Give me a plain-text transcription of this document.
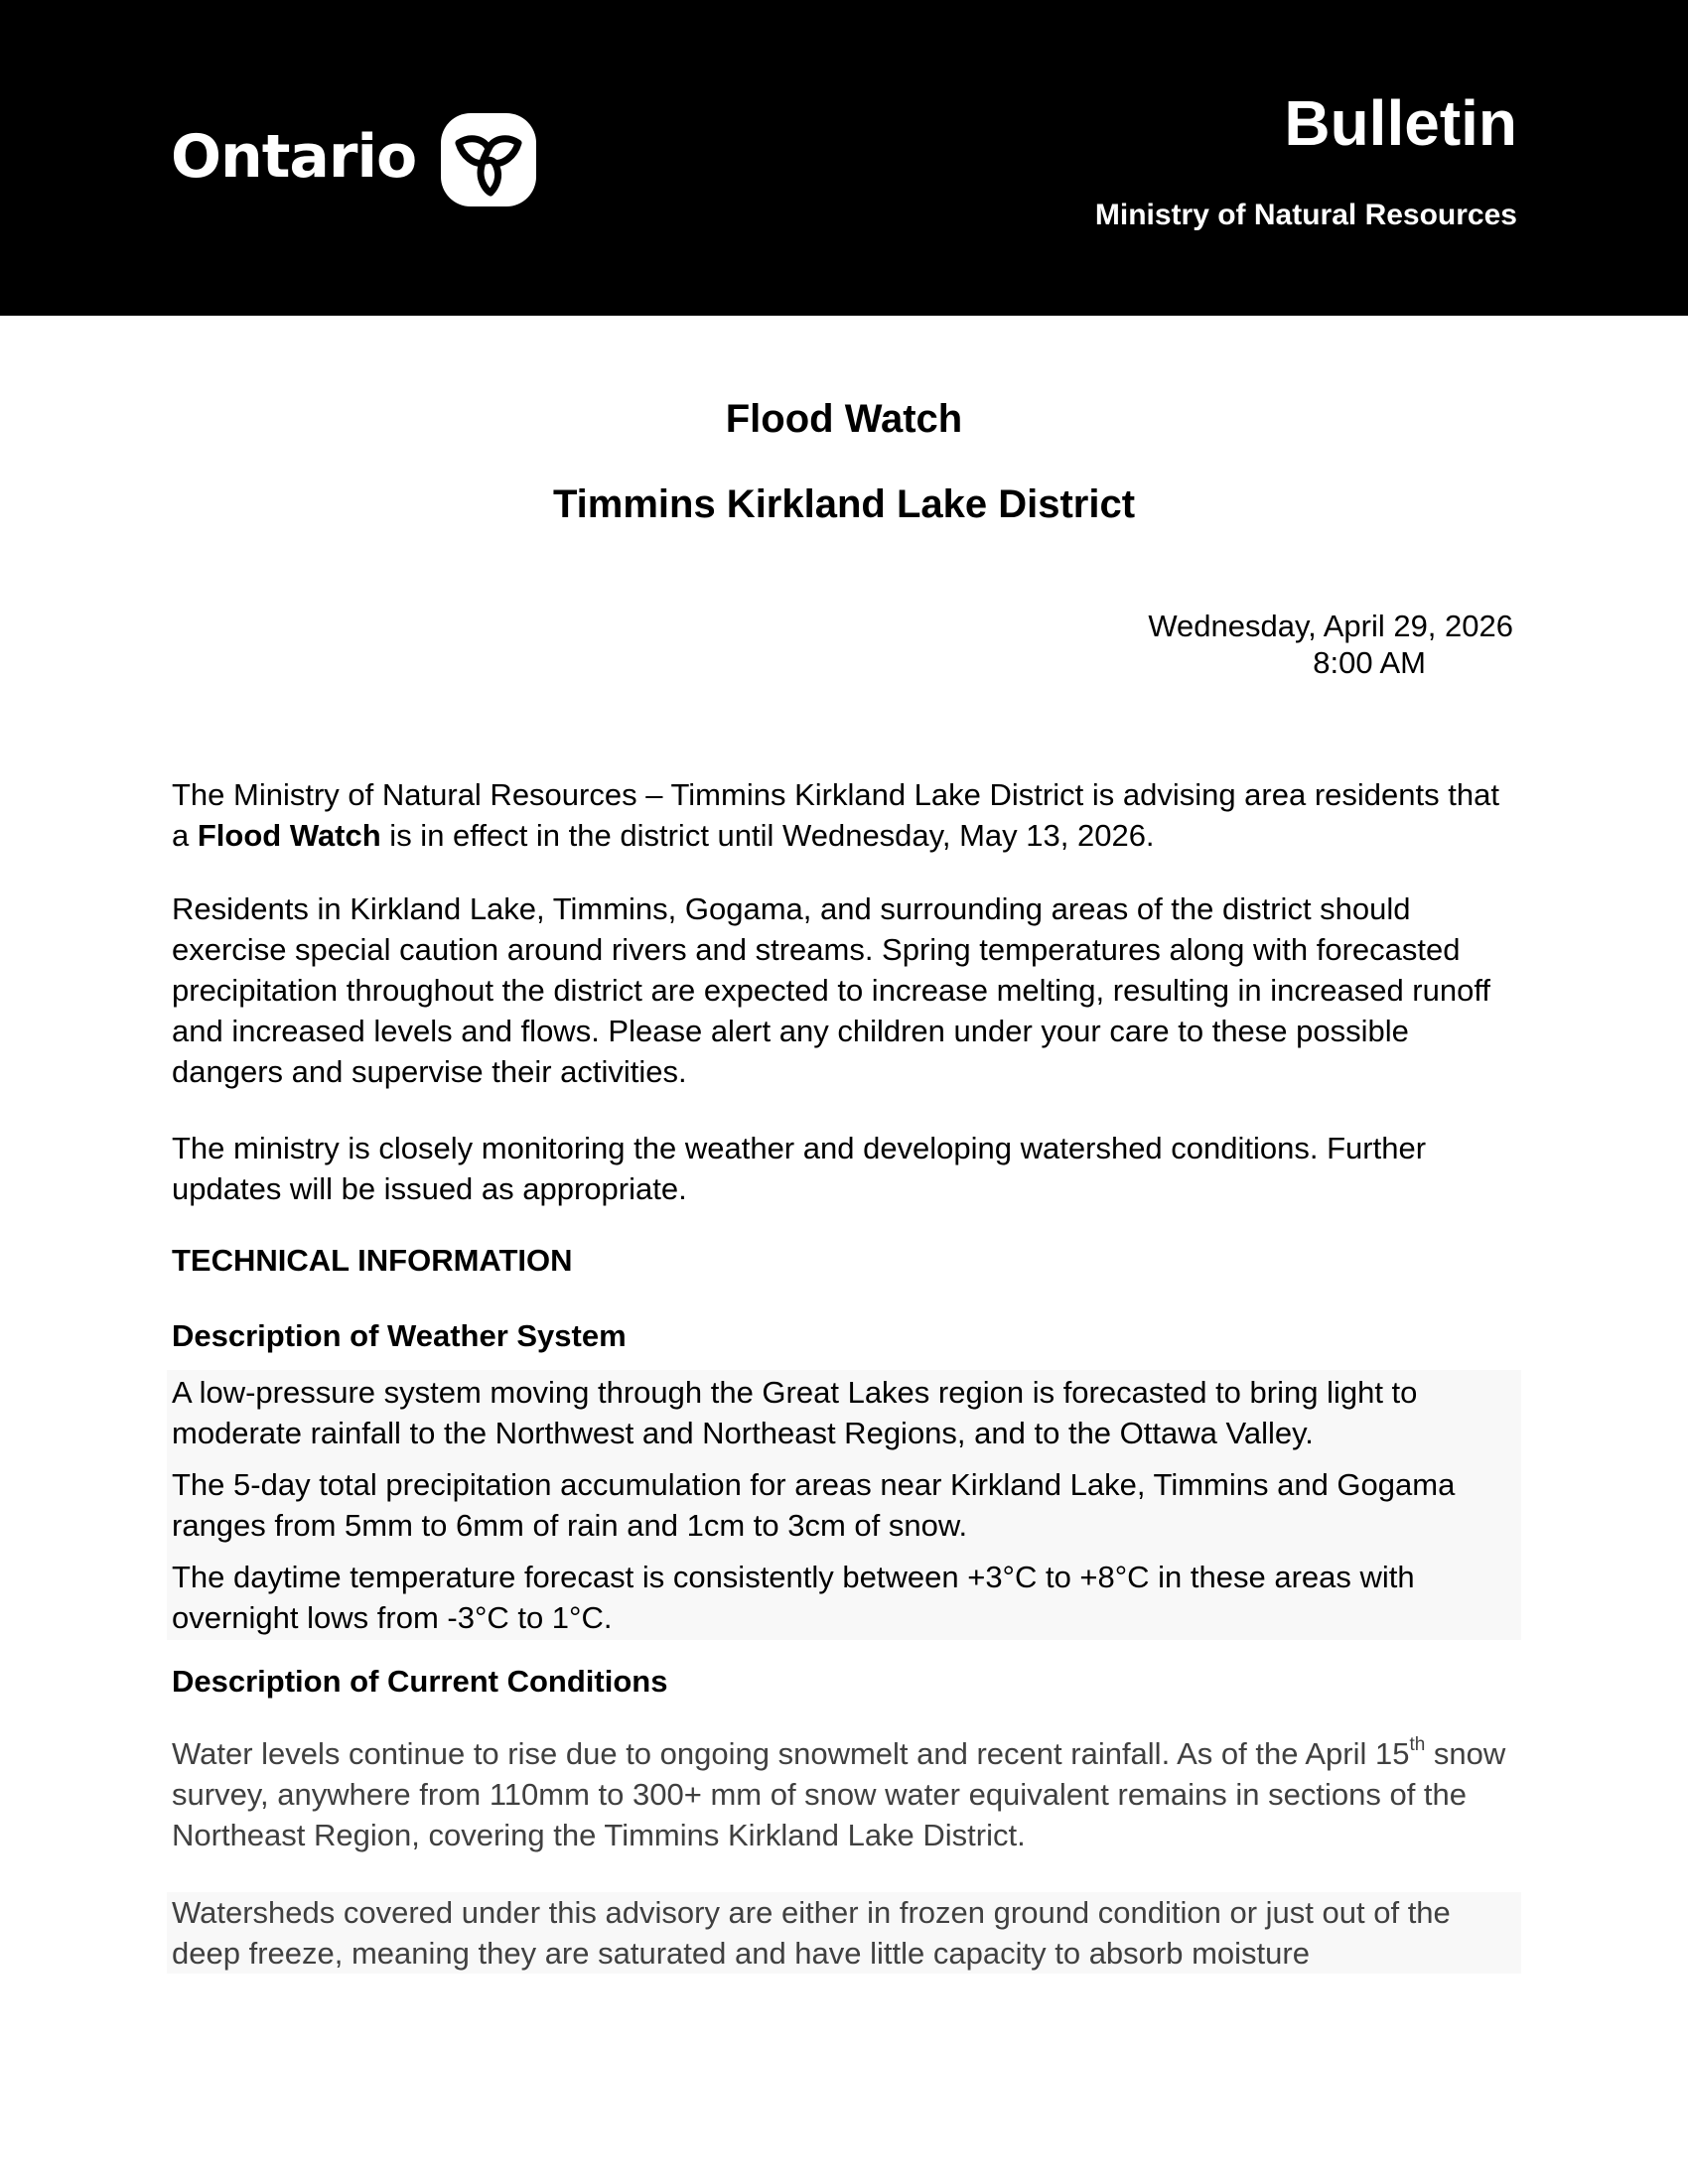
Ontario	Bulletin
Ministry of Natural Resources
Flood Watch
Timmins Kirkland Lake District
Wednesday, April 29, 2026
8:00 AM
The Ministry of Natural Resources – Timmins Kirkland Lake District is advising area residents that a Flood Watch is in effect in the district until Wednesday, May 13, 2026.
Residents in Kirkland Lake, Timmins, Gogama, and surrounding areas of the district should exercise special caution around rivers and streams. Spring temperatures along with forecasted precipitation throughout the district are expected to increase melting, resulting in increased runoff and increased levels and flows. Please alert any children under your care to these possible dangers and supervise their activities.
The ministry is closely monitoring the weather and developing watershed conditions. Further updates will be issued as appropriate.
TECHNICAL INFORMATION
Description of Weather System

A low-pressure system moving through the Great Lakes region is forecasted to bring light to moderate rainfall to the Northwest and Northeast Regions, and to the Ottawa Valley.

The 5-day total precipitation accumulation for areas near Kirkland Lake, Timmins and Gogama ranges from 5mm to 6mm of rain and 1cm to 3cm of snow.

The daytime temperature forecast is consistently between +3°C to +8°C in these areas with overnight lows from -3°C to 1°C.

Description of Current Conditions
Water levels continue to rise due to ongoing snowmelt and recent rainfall. As of the April 15th snow survey, anywhere from 110mm to 300+ mm of snow water equivalent remains in sections of the Northeast Region, covering the Timmins Kirkland Lake District.

Watersheds covered under this advisory are either in frozen ground condition or just out of the deep freeze, meaning they are saturated and have little capacity to absorb moisture
